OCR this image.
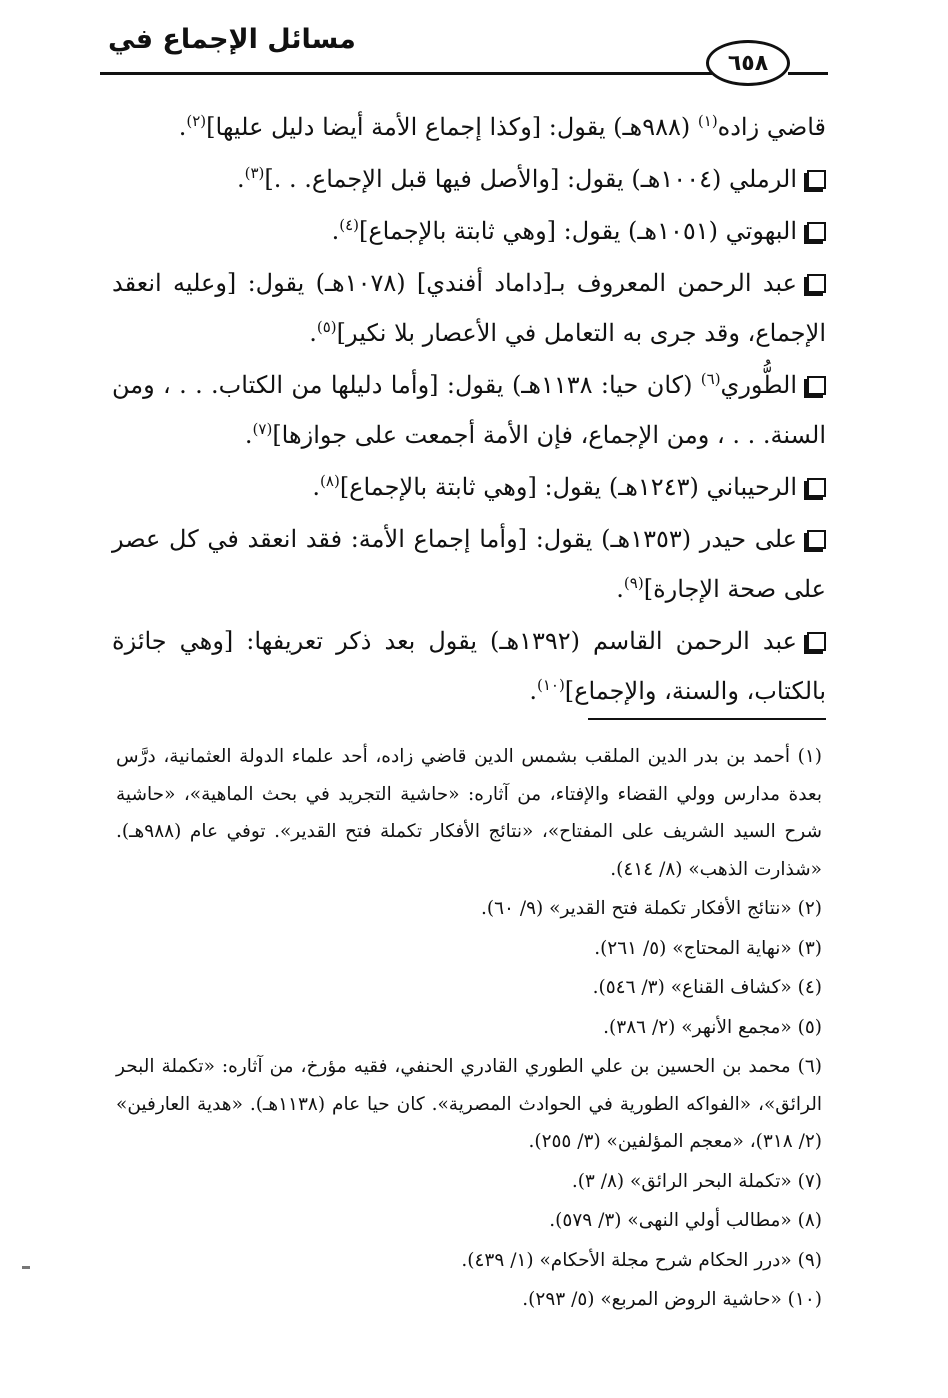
مسائل الإجماع في
٦٥٨

قاضي زاده$^{(١)}$ (٩٨٨هـ) يقول: [وكذا إجماع الأمة أيضا دليل عليها]$^{(٢)}$.

الرملي (١٠٠٤هـ) يقول: [والأصل فيها قبل الإجماع. . .]$^{(٣)}$.

البهوتي (١٠٥١هـ) يقول: [وهي ثابتة بالإجماع]$^{(٤)}$.

عبد الرحمن المعروف بـ[داماد أفندي] (١٠٧٨هـ) يقول: [وعليه انعقد الإجماع، وقد جرى به التعامل في الأعصار بلا نكير]$^{(٥)}$.

الطُّوري$^{(٦)}$ (كان حيا: ١١٣٨هـ) يقول: [وأما دليلها من الكتاب. . . ، ومن السنة. . . ، ومن الإجماع، فإن الأمة أجمعت على جوازها]$^{(٧)}$.

الرحيباني (١٢٤٣هـ) يقول: [وهي ثابتة بالإجماع]$^{(٨)}$.

على حيدر (١٣٥٣هـ) يقول: [وأما إجماع الأمة: فقد انعقد في كل عصر على صحة الإجارة]$^{(٩)}$.

عبد الرحمن القاسم (١٣٩٢هـ) يقول بعد ذكر تعريفها: [وهي جائزة بالكتاب، والسنة، والإجماع]$^{(١٠)}$.

(١) أحمد بن بدر الدين الملقب بشمس الدين قاضي زاده، أحد علماء الدولة العثمانية، درَّس بعدة مدارس وولي القضاء والإفتاء، من آثاره: «حاشية التجريد في بحث الماهية»، «حاشية شرح السيد الشريف على المفتاح»، «نتائج الأفكار تكملة فتح القدير». توفي عام (٩٨٨هـ). «شذارت الذهب» (٨/ ٤١٤).

(٢) «نتائج الأفكار تكملة فتح القدير» (٩/ ٦٠).

(٣) «نهاية المحتاج» (٥/ ٢٦١).

(٤) «كشاف القناع» (٣/ ٥٤٦).

(٥) «مجمع الأنهر» (٢/ ٣٨٦).

(٦) محمد بن الحسين بن علي الطوري القادري الحنفي، فقيه مؤرخ، من آثاره: «تكملة البحر الرائق»، «الفواكه الطورية في الحوادث المصرية». كان حيا عام (١١٣٨هـ). «هدية العارفين» (٢/ ٣١٨)، «معجم المؤلفين» (٣/ ٢٥٥).

(٧) «تكملة البحر الرائق» (٨/ ٣).

(٨) «مطالب أولي النهى» (٣/ ٥٧٩).

(٩) «درر الحكام شرح مجلة الأحكام» (١/ ٤٣٩).

(١٠) «حاشية الروض المربع» (٥/ ٢٩٣).
